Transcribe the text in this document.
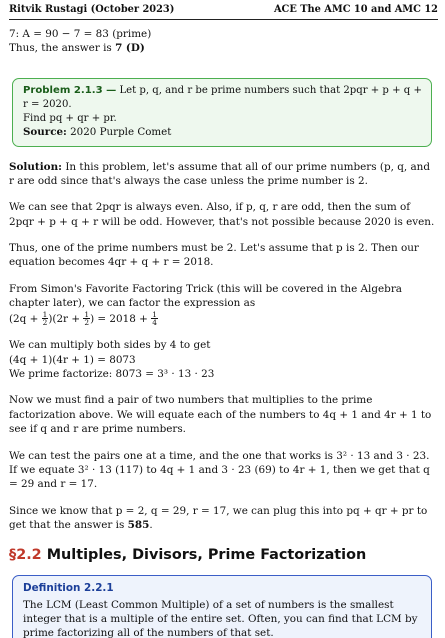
Ritvik Rustagi (October 2023)	ACE The AMC 10 and AMC 12

7: A = 90 − 7 = 83 (prime)

Thus, the answer is 7 (D)

Problem 2.1.3 — Let p, q, and r be prime numbers such that 2pqr + p + q + r = 2020.
Find pq + qr + pr.
Source: 2020 Purple Comet
Solution: In this problem, let's assume that all of our prime numbers (p, q, and r are odd since that's always the case unless the prime number is 2.
We can see that 2pqr is always even. Also, if p, q, r are odd, then the sum of 2pqr + p + q + r will be odd. However, that's not possible because 2020 is even.
Thus, one of the prime numbers must be 2. Let's assume that p is 2. Then our equation becomes 4qr + q + r = 2018.
From Simon's Favorite Factoring Trick (this will be covered in the Algebra chapter later), we can factor the expression as
$(2q + \frac{1}{2} )(2r + \frac{1}{2}$ ) = $2018 + \frac{1}{4}$
We can multiply both sides by 4 to get
(4q + 1)(4r + 1) = 8073
We prime factorize: 8073 = 3³ · 13 · 23
Now we must find a pair of two numbers that multiplies to the prime factorization above. We will equate each of the numbers to 4q + 1 and 4r + 1 to see if q and r are prime numbers.
We can test the pairs one at a time, and the one that works is 3² · 13 and 3 · 23. If we equate 3² · 13 (117) to 4q + 1 and 3 · 23 (69) to 4r + 1, then we get that q = 29 and r = 17.
Since we know that p = 2, q = 29, r = 17, we can plug this into pq + qr + pr to get that the answer is 585.
§2.2 Multiples, Divisors, Prime Factorization
Definition 2.2.1
The LCM (Least Common Multiple) of a set of numbers is the smallest integer that is a multiple of the entire set. Often, you can find that LCM by prime factorizing all of the numbers of that set.
